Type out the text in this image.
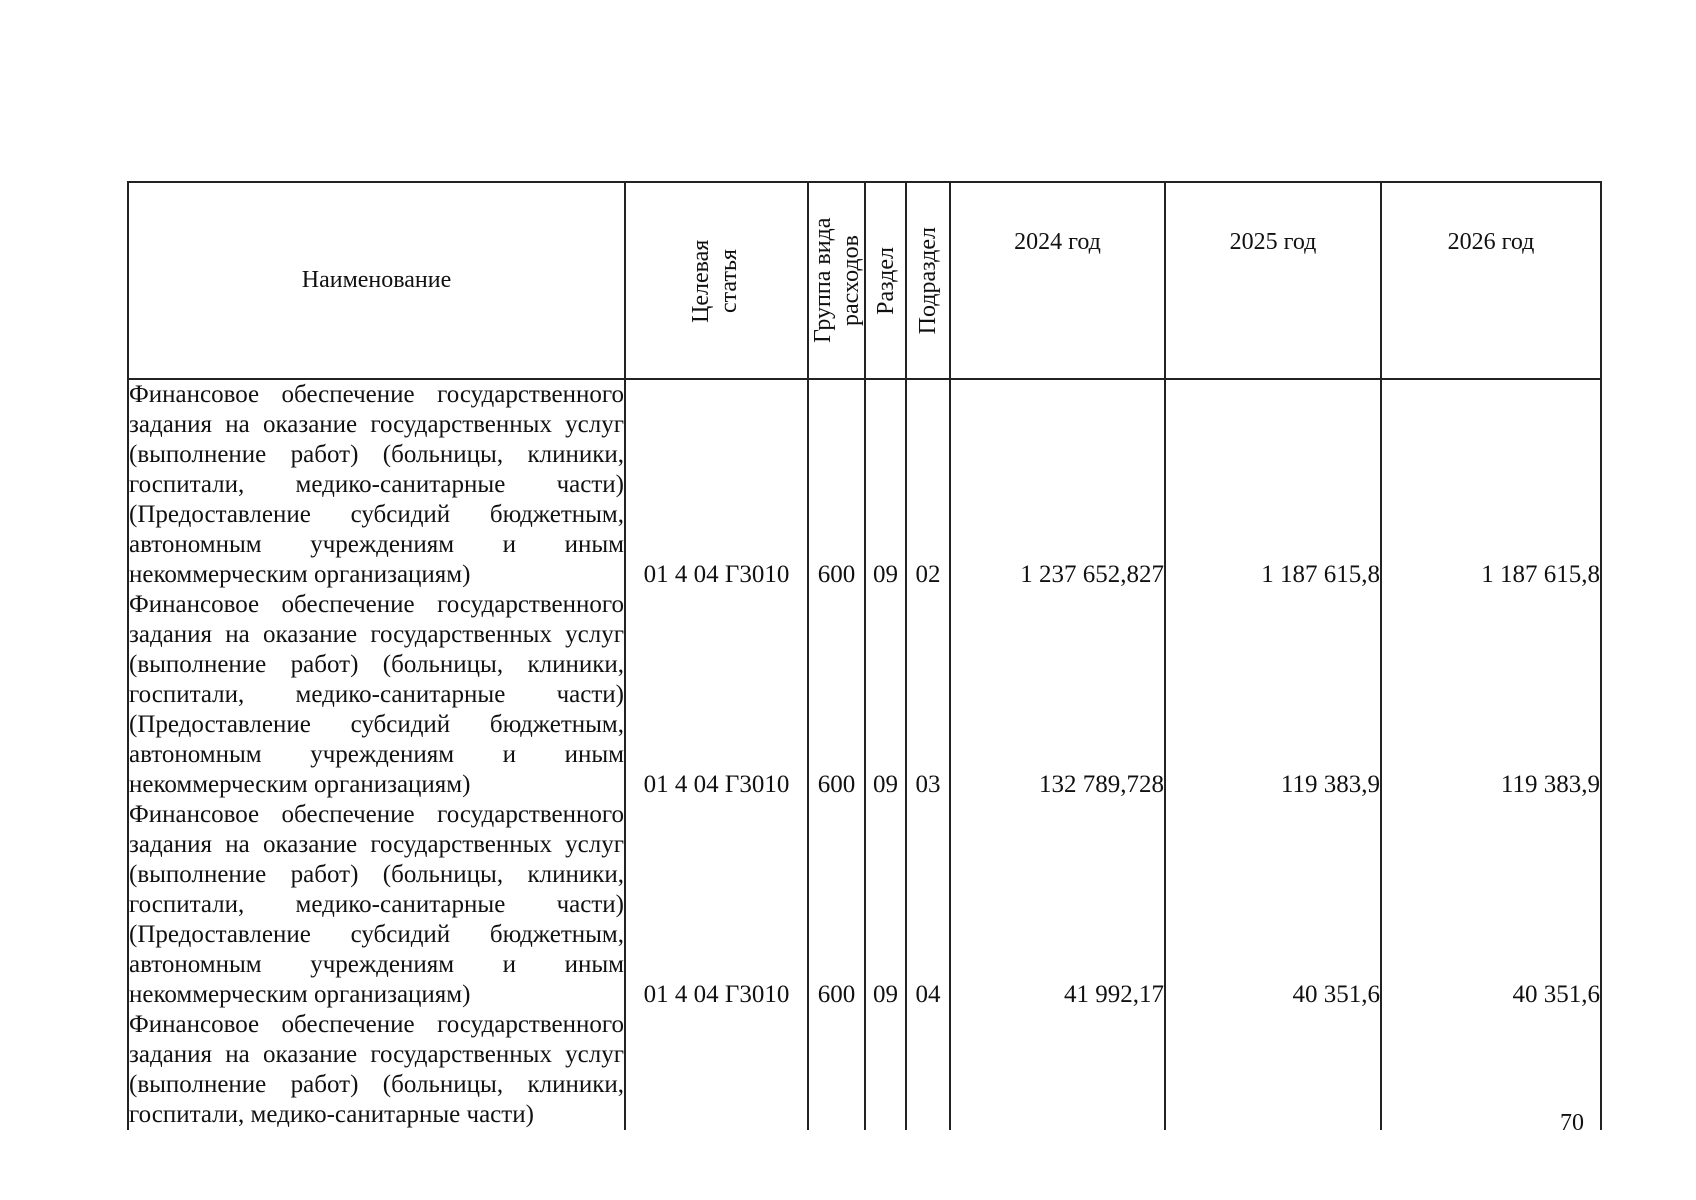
Наименование	Целевая статья	Группа вида расходов	Раздел	Подраздел	2024 год	2025 год	2026 год
Финансовое обеспечение государственного задания на оказание государственных услуг (выполнение работ) (больницы, клиники, госпитали, медико-санитарные части) (Предоставление субсидий бюджетным, автономным учреждениям и иным некоммерческим организациям)	01 4 04 Г3010	600	09	02	1 237 652,827	1 187 615,8	1 187 615,8
Финансовое обеспечение государственного задания на оказание государственных услуг (выполнение работ) (больницы, клиники, госпитали, медико-санитарные части) (Предоставление субсидий бюджетным, автономным учреждениям и иным некоммерческим организациям)	01 4 04 Г3010	600	09	03	132 789,728	119 383,9	119 383,9
Финансовое обеспечение государственного задания на оказание государственных услуг (выполнение работ) (больницы, клиники, госпитали, медико-санитарные части) (Предоставление субсидий бюджетным, автономным учреждениям и иным некоммерческим организациям)	01 4 04 Г3010	600	09	04	41 992,17	40 351,6	40 351,6
Финансовое обеспечение государственного задания на оказание государственных услуг (выполнение работ) (больницы, клиники, госпитали, медико-санитарные части)								70
